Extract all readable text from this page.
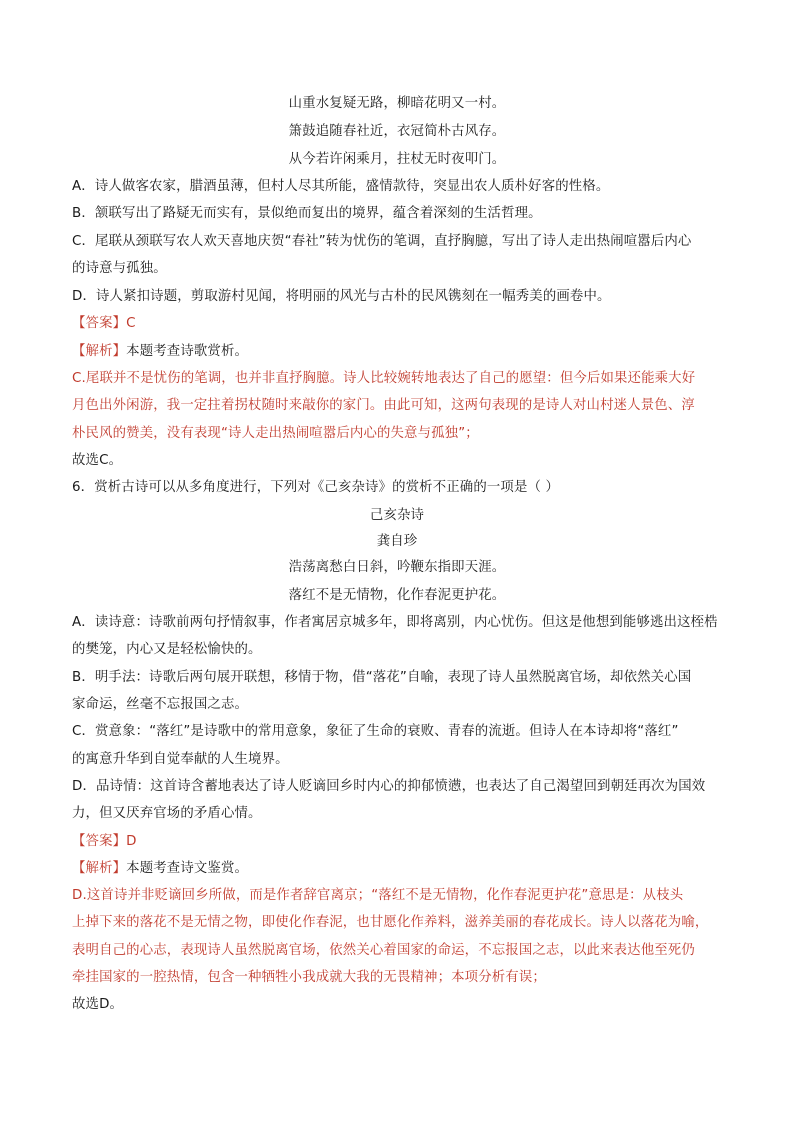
山重水复疑无路，柳暗花明又一村。
箫鼓追随春社近，衣冠简朴古风存。
从今若许闲乘月，拄杖无时夜叩门。
A．诗人做客农家，腊酒虽薄，但村人尽其所能，盛情款待，突显出农人质朴好客的性格。
B．颔联写出了路疑无而实有，景似绝而复出的境界，蕴含着深刻的生活哲理。
C．尾联从颈联写农人欢天喜地庆贺“春社”转为忧伤的笔调，直抒胸臆，写出了诗人走出热闹喧嚣后内心
的诗意与孤独。
D．诗人紧扣诗题，剪取游村见闻，将明丽的风光与古朴的民风镌刻在一幅秀美的画卷中。
【答案】C
【解析】本题考查诗歌赏析。
C.尾联并不是忧伤的笔调，也并非直抒胸臆。诗人比较婉转地表达了自己的愿望：但今后如果还能乘大好
月色出外闲游，我一定拄着拐杖随时来敲你的家门。由此可知，这两句表现的是诗人对山村迷人景色、淳
朴民风的赞美，没有表现“诗人走出热闹喧嚣后内心的失意与孤独”；
故选C。
6．赏析古诗可以从多角度进行，下列对《己亥杂诗》的赏析不正确的一项是（ ）
己亥杂诗
龚自珍
浩荡离愁白日斜，吟鞭东指即天涯。
落红不是无情物，化作春泥更护花。
A．读诗意：诗歌前两句抒情叙事，作者寓居京城多年，即将离别，内心忧伤。但这是他想到能够逃出这桎梏
的樊笼，内心又是轻松愉快的。
B．明手法：诗歌后两句展开联想，移情于物，借“落花”自喻，表现了诗人虽然脱离官场，却依然关心国
家命运，丝毫不忘报国之志。
C．赏意象：“落红”是诗歌中的常用意象，象征了生命的衰败、青春的流逝。但诗人在本诗却将“落红”
的寓意升华到自觉奉献的人生境界。
D．品诗情：这首诗含蓄地表达了诗人贬谪回乡时内心的抑郁愤懑，也表达了自己渴望回到朝廷再次为国效
力，但又厌弃官场的矛盾心情。
【答案】D
【解析】本题考查诗文鉴赏。
D.这首诗并非贬谪回乡所做，而是作者辞官离京；“落红不是无情物，化作春泥更护花”意思是：从枝头
上掉下来的落花不是无情之物，即使化作春泥，也甘愿化作养料，滋养美丽的春花成长。诗人以落花为喻，
表明自己的心志，表现诗人虽然脱离官场，依然关心着国家的命运，不忘报国之志，以此来表达他至死仍
牵挂国家的一腔热情，包含一种牺牲小我成就大我的无畏精神；本项分析有误；
故选D。
